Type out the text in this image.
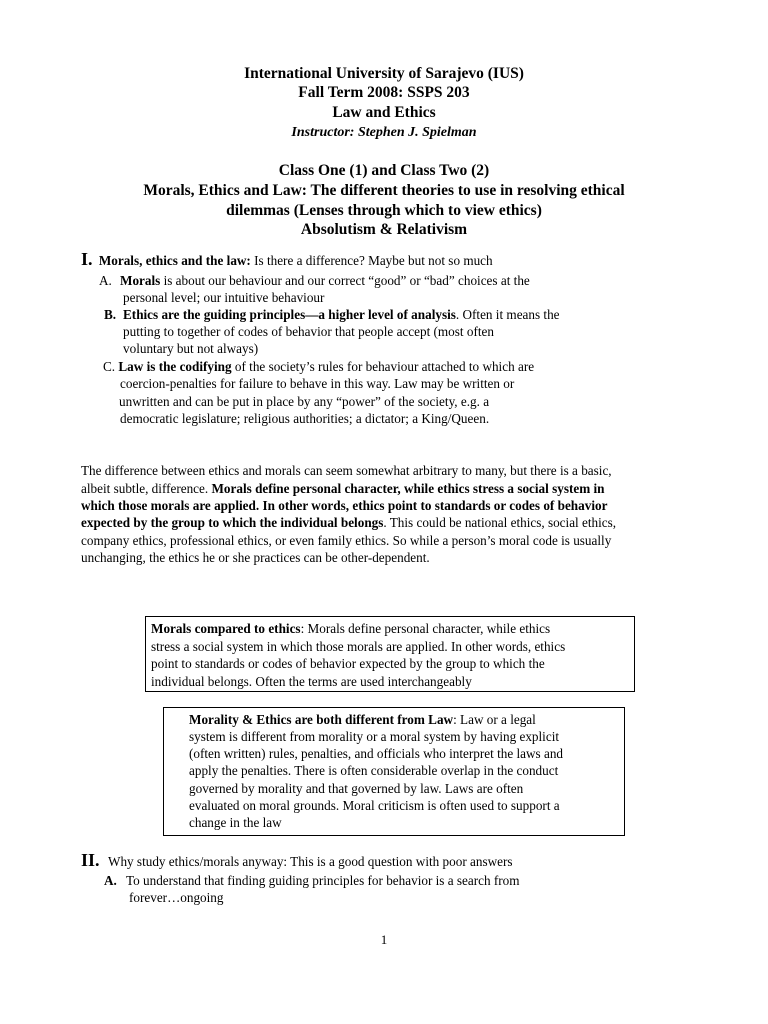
International University of Sarajevo (IUS)
Fall Term 2008: SSPS 203
Law and Ethics
Instructor: Stephen J. Spielman
Class One (1) and Class Two (2)
Morals, Ethics and Law: The different theories to use in resolving ethical
dilemmas (Lenses through which to view ethics)
Absolutism & Relativism
I. Morals, ethics and the law: Is there a difference? Maybe but not so much
A. Morals is about our behaviour and our correct “good” or “bad” choices at the
personal level; our intuitive behaviour
B. Ethics are the guiding principles—a higher level of analysis. Often it means the
putting to together of codes of behavior that people accept (most often
voluntary but not always)
C. Law is the codifying of the society’s rules for behaviour attached to which are
coercion-penalties for failure to behave in this way. Law may be written or
unwritten and can be put in place by any “power” of the society, e.g. a
democratic legislature; religious authorities; a dictator; a King/Queen.
The difference between ethics and morals can seem somewhat arbitrary to many, but there is a basic,
albeit subtle, difference. Morals define personal character, while ethics stress a social system in
which those morals are applied. In other words, ethics point to standards or codes of behavior
expected by the group to which the individual belongs. This could be national ethics, social ethics,
company ethics, professional ethics, or even family ethics. So while a person’s moral code is usually
unchanging, the ethics he or she practices can be other-dependent.
Morals compared to ethics: Morals define personal character, while ethics
stress a social system in which those morals are applied. In other words, ethics
point to standards or codes of behavior expected by the group to which the
individual belongs. Often the terms are used interchangeably
Morality & Ethics are both different from Law: Law or a legal
system is different from morality or a moral system by having explicit
(often written) rules, penalties, and officials who interpret the laws and
apply the penalties. There is often considerable overlap in the conduct
governed by morality and that governed by law. Laws are often
evaluated on moral grounds. Moral criticism is often used to support a
change in the law
II. Why study ethics/morals anyway: This is a good question with poor answers
A. To understand that finding guiding principles for behavior is a search from
forever…ongoing
1
